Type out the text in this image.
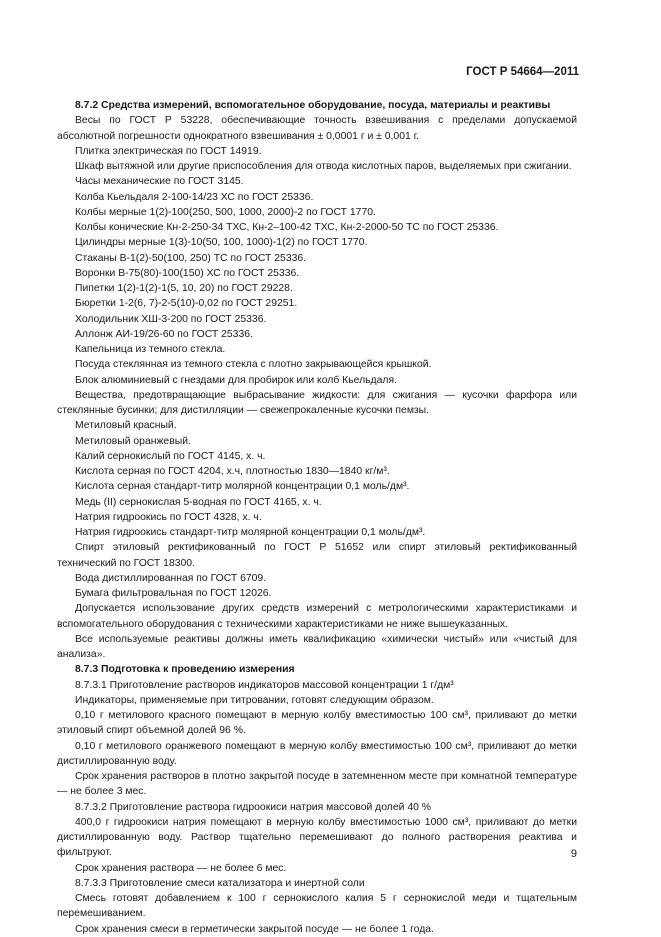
ГОСТ Р 54664—2011

8.7.2 Средства измерений, вспомогательное оборудование, посуда, материалы и реактивы

Весы по ГОСТ Р 53228, обеспечивающие точность взвешивания с пределами допускаемой абсолютной погрешности однократного взвешивания ± 0,0001 г и ± 0,001 г.

Плитка электрическая по ГОСТ 14919.

Шкаф вытяжной или другие приспособления для отвода кислотных паров, выделяемых при сжигании.

Часы механические по ГОСТ 3145.

Колба Кьельдаля 2-100-14/23 ХС по ГОСТ 25336.

Колбы мерные 1(2)-100(250, 500, 1000, 2000)-2 по ГОСТ 1770.

Колбы конические Кн-2-250-34 ТХС, Кн-2–100-42 ТХС, Кн-2-2000-50 ТС по ГОСТ 25336.

Цилиндры мерные 1(3)-10(50, 100, 1000)-1(2) по ГОСТ 1770.

Стаканы В-1(2)-50(100, 250) ТС по ГОСТ 25336.

Воронки В-75(80)-100(150) ХС по ГОСТ 25336.

Пипетки 1(2)-1(2)-1(5, 10, 20) по ГОСТ 29228.

Бюретки 1-2(6, 7)-2-5(10)-0,02 по ГОСТ 29251.

Холодильник ХШ-3-200 по ГОСТ 25336.

Аллонж АИ-19/26-60 по ГОСТ 25336.

Капельница из темного стекла.

Посуда стеклянная из темного стекла с плотно закрывающейся крышкой.

Блок алюминиевый с гнездами для пробирок или колб Кьельдаля.

Вещества, предотвращающие выбрасывание жидкости: для сжигания — кусочки фарфора или стеклянные бусинки; для дистилляции — свежепрокаленные кусочки пемзы.

Метиловый красный.

Метиловый оранжевый.

Калий сернокислый по ГОСТ 4145, х. ч.

Кислота серная по ГОСТ 4204, х.ч, плотностью 1830—1840 кг/м³.

Кислота серная стандарт-титр молярной концентрации 0,1 моль/дм³.

Медь (II) сернокислая 5-водная по ГОСТ 4165, х. ч.

Натрия гидроокись по ГОСТ 4328, х. ч.

Натрия гидроокись стандарт-титр молярной концентрации 0,1 моль/дм³.

Спирт этиловый ректификованный по ГОСТ Р 51652 или спирт этиловый ректификованный технический по ГОСТ 18300.

Вода дистиллированная по ГОСТ 6709.

Бумага фильтровальная по ГОСТ 12026.

Допускается использование других средств измерений с метрологическими характеристиками и вспомогательного оборудования с техническими характеристиками не ниже вышеуказанных.

Все используемые реактивы должны иметь квалификацию «химически чистый» или «чистый для анализа».

8.7.3 Подготовка к проведению измерения

8.7.3.1 Приготовление растворов индикаторов массовой концентрации 1 г/дм³

Индикаторы, применяемые при титровании, готовят следующим образом.

0,10 г метилового красного помещают в мерную колбу вместимостью 100 см³, приливают до метки этиловый спирт объемной долей 96 %.

0,10 г метилового оранжевого помещают в мерную колбу вместимостью 100 см³, приливают до метки дистиллированную воду.

Срок хранения растворов в плотно закрытой посуде в затемненном месте при комнатной температуре — не более 3 мес.

8.7.3.2 Приготовление раствора гидроокиси натрия массовой долей 40 %

400,0 г гидроокиси натрия помещают в мерную колбу вместимостью 1000 см³, приливают до метки дистиллированную воду. Раствор тщательно перемешивают до полного растворения реактива и фильтруют.

Срок хранения раствора — не более 6 мес.

8.7.3.3 Приготовление смеси катализатора и инертной соли

Смесь готовят добавлением к 100 г сернокислого калия 5 г сернокислой меди и тщательным перемешиванием.

Срок хранения смеси в герметически закрытой посуде — не более 1 года.

9
